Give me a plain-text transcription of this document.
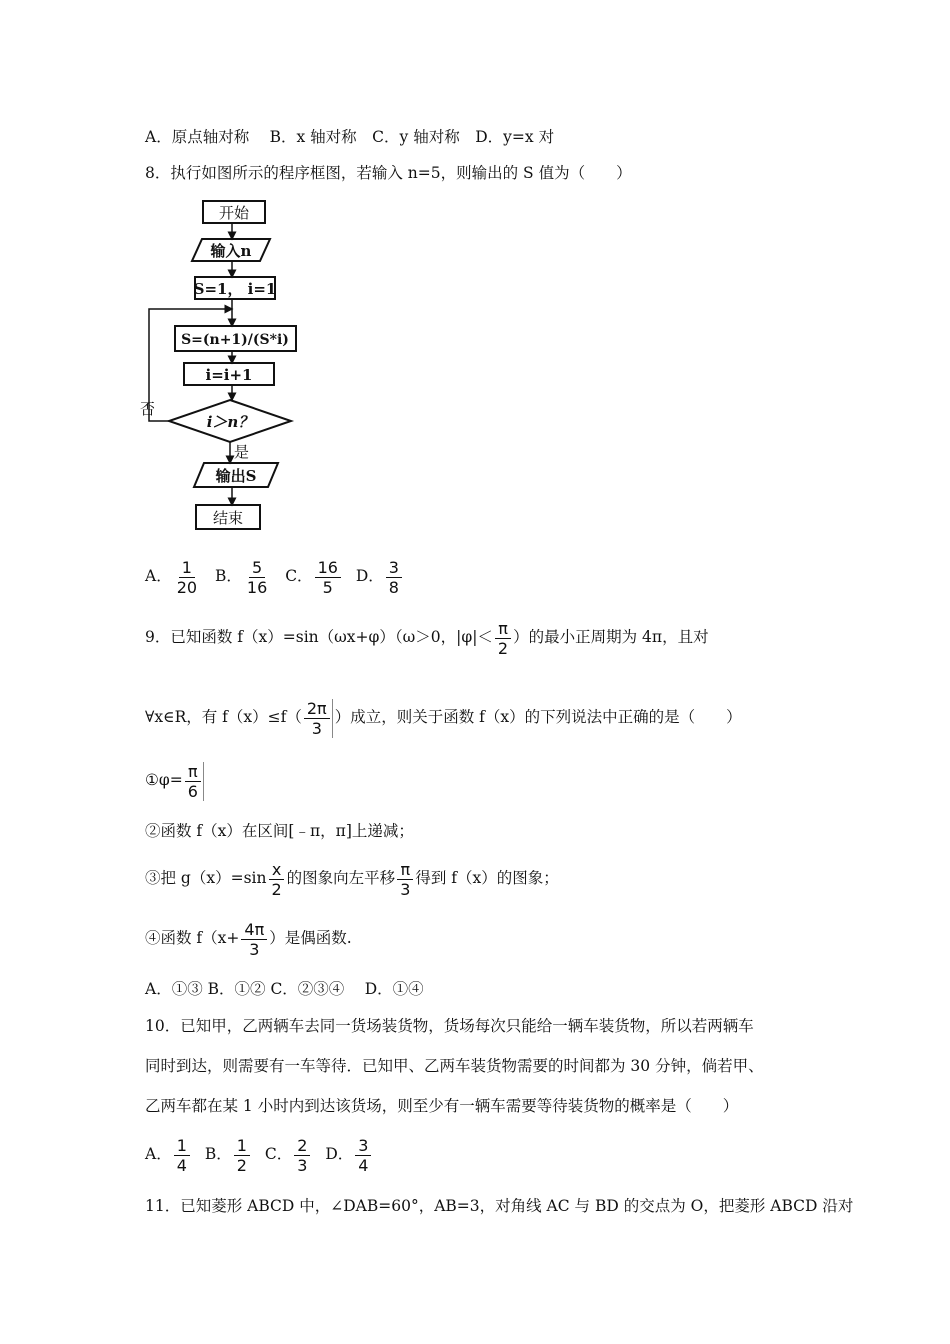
A．原点轴对称　 B．x 轴对称　C．y 轴对称　D．y=x 对
8．执行如图所示的程序框图，若输入 n=5，则输出的 S 值为（　　）
开始
输入n
S=1， i=1
S=(n+1)/(S*i)
i=i+1
i＞n？
否
是
输出S
结束
A． $\frac{1}{20}$ B． $\frac{5}{16}$ C． $\frac{16}{5}$ D． $\frac{3}{8}$
9．已知函数 f（x）=sin（ωx+φ）（ω＞0，$|\varphi|< \frac{\pi}{2}$ ）的最小正周期为 4π，且对
∀x∈R，有 $f(x)\le f( \frac{2\pi}{3}$ ）成立，则关于函数 f（x）的下列说法中正确的是（　　）
①φ= $\frac{\pi}{6}$
②函数 f（x）在区间[﹣π，π]上递减；
③把 $g(x)=\sin \frac{x}{2}$ 的图象向左平移 $\frac{\pi}{3}$ 得到 f（x）的图象；
④函数 $f(x+ \frac{4\pi}{3}$ ）是偶函数.
A．①③ B．①② C．②③④　 D．①④
10．已知甲，乙两辆车去同一货场装货物，货场每次只能给一辆车装货物，所以若两辆车
同时到达，则需要有一车等待．已知甲、乙两车装货物需要的时间都为 30 分钟，倘若甲、
乙两车都在某 1 小时内到达该货场，则至少有一辆车需要等待装货物的概率是（　　）
A． $\frac{1}{4}$ B． $\frac{1}{2}$ C． $\frac{2}{3}$ D． $\frac{3}{4}$
11．已知菱形 ABCD 中，∠DAB=60°，AB=3，对角线 AC 与 BD 的交点为 O，把菱形 ABCD 沿对
